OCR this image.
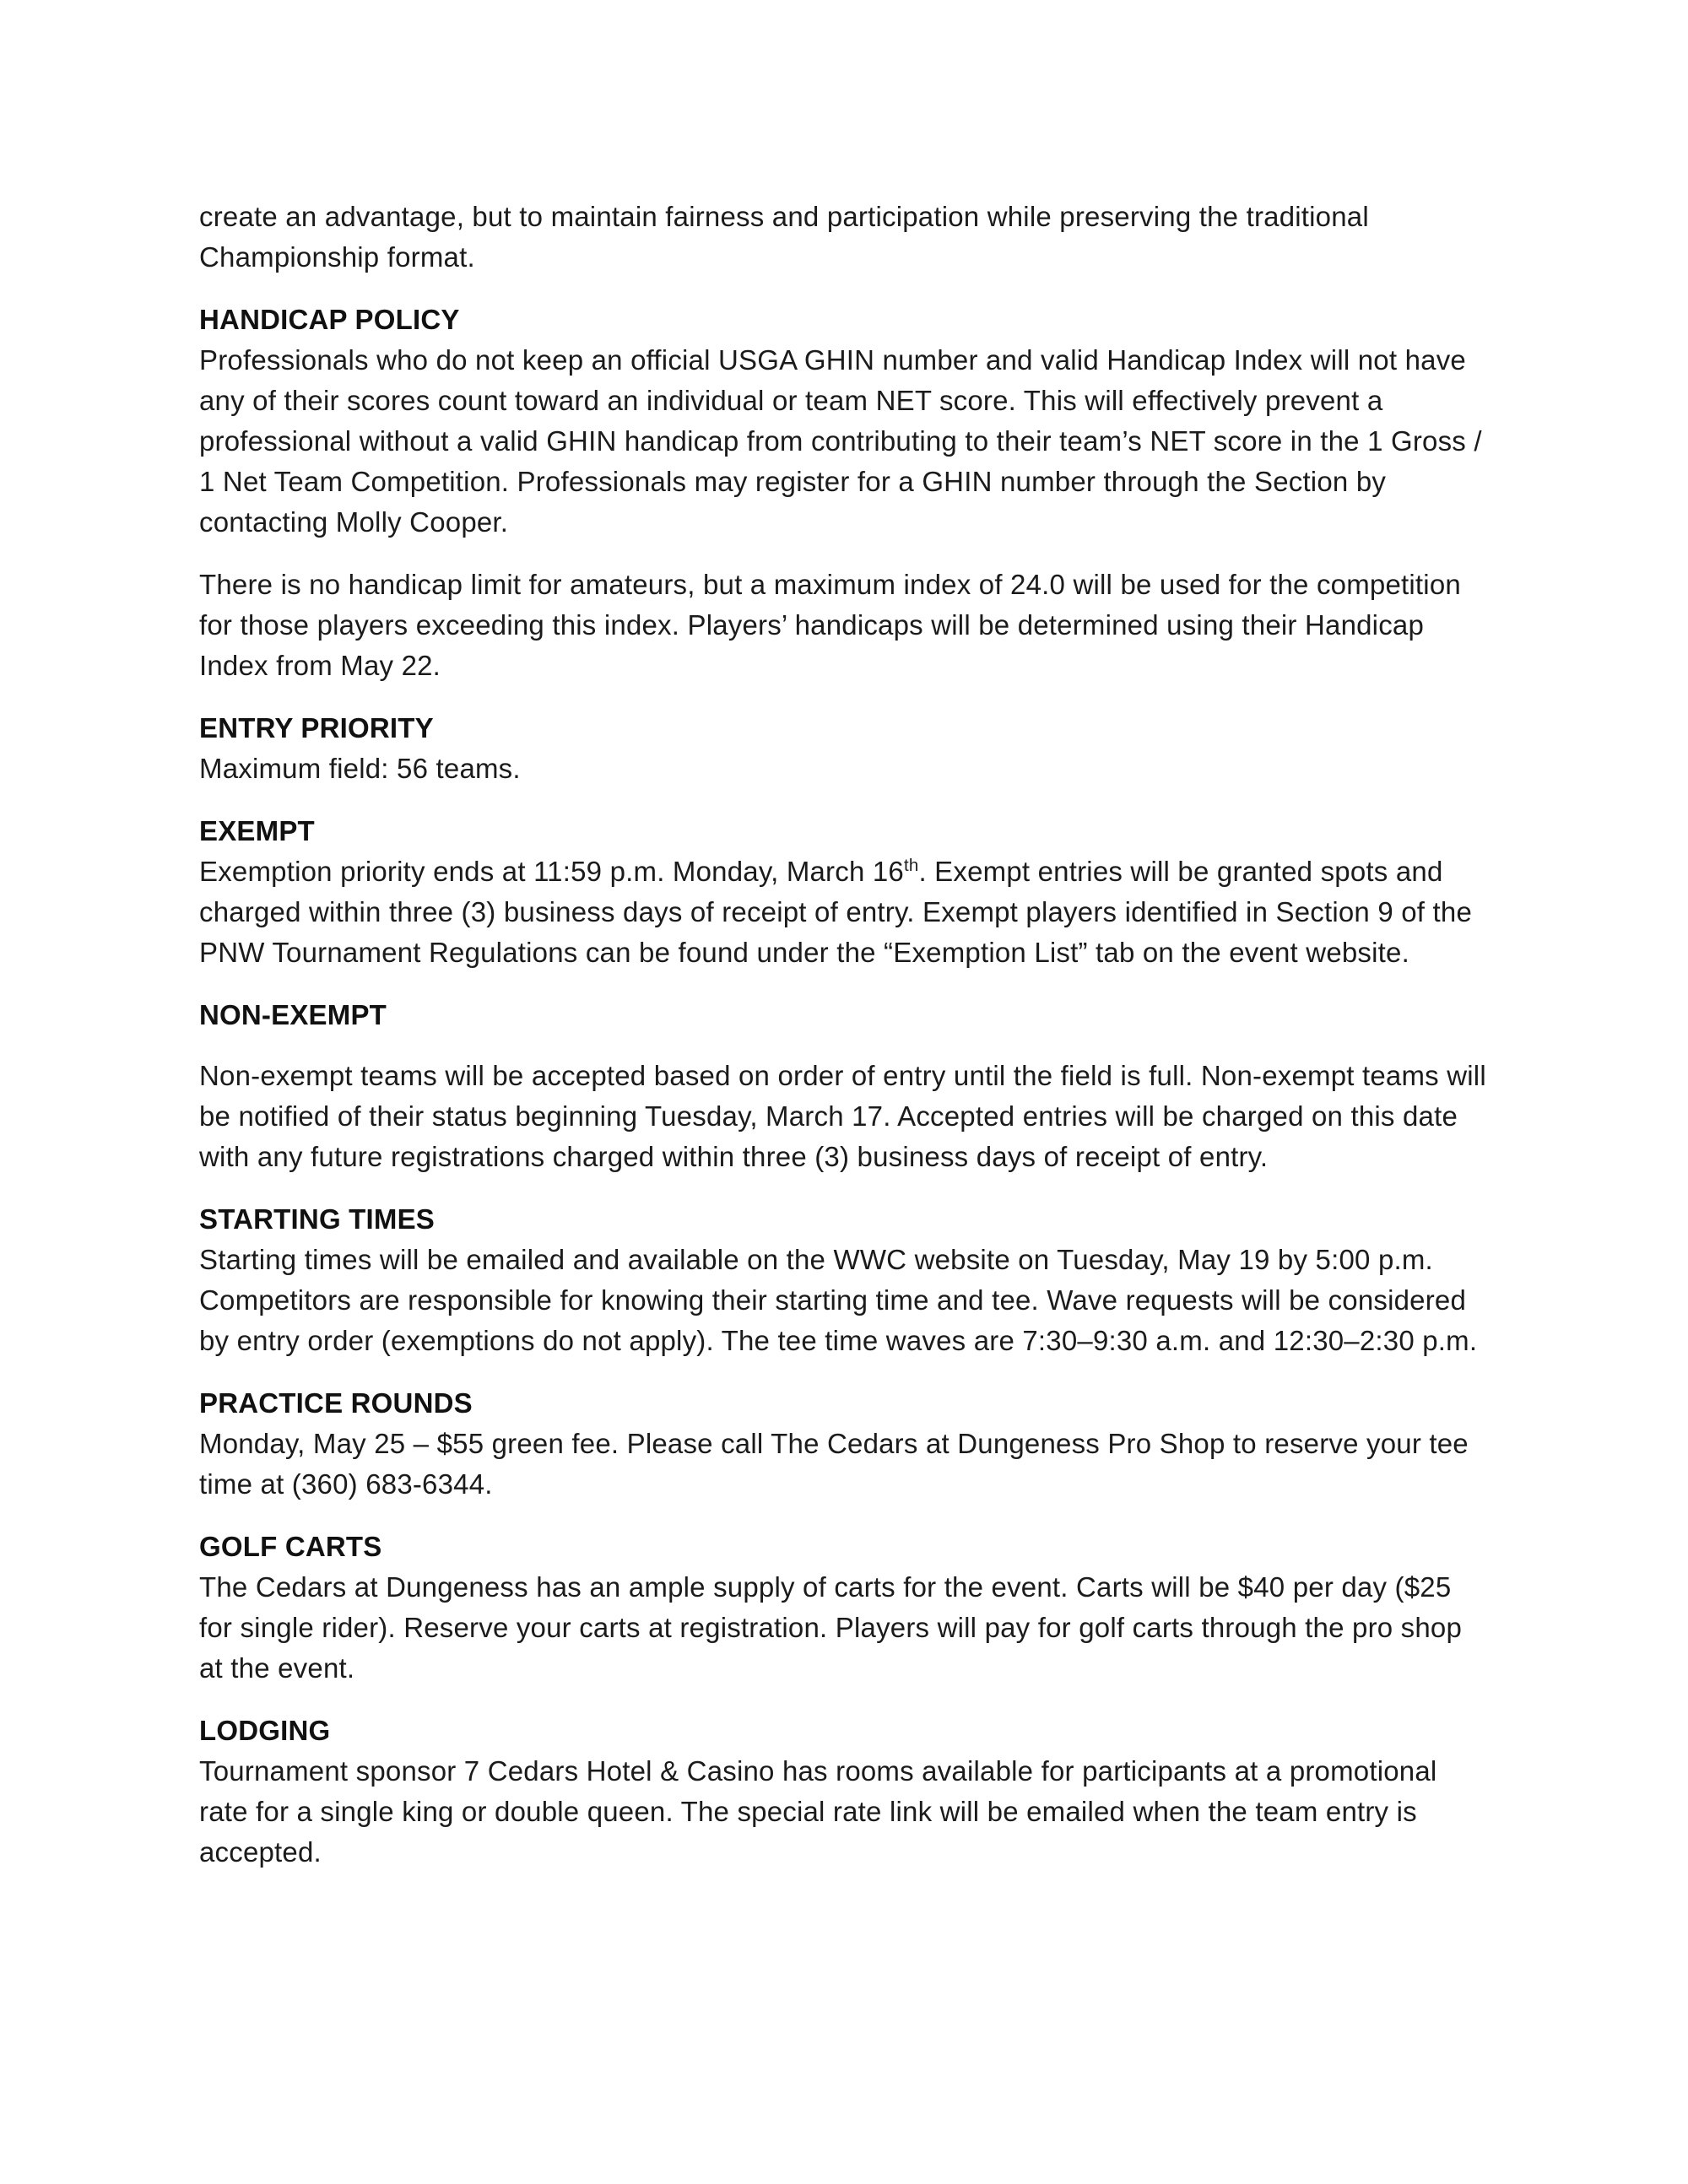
create an advantage, but to maintain fairness and participation while preserving the traditional Championship format.

HANDICAP POLICY

Professionals who do not keep an official USGA GHIN number and valid Handicap Index will not have any of their scores count toward an individual or team NET score. This will effectively prevent a professional without a valid GHIN handicap from contributing to their team’s NET score in the 1 Gross / 1 Net Team Competition. Professionals may register for a GHIN number through the Section by contacting Molly Cooper.

There is no handicap limit for amateurs, but a maximum index of 24.0 will be used for the competition for those players exceeding this index. Players’ handicaps will be determined using their Handicap Index from May 22.

ENTRY PRIORITY

Maximum field: 56 teams.

EXEMPT

Exemption priority ends at 11:59 p.m. Monday, March 16th. Exempt entries will be granted spots and charged within three (3) business days of receipt of entry. Exempt players identified in Section 9 of the PNW Tournament Regulations can be found under the “Exemption List” tab on the event website.

NON-EXEMPT

Non-exempt teams will be accepted based on order of entry until the field is full. Non-exempt teams will be notified of their status beginning Tuesday, March 17. Accepted entries will be charged on this date with any future registrations charged within three (3) business days of receipt of entry.

STARTING TIMES

Starting times will be emailed and available on the WWC website on Tuesday, May 19 by 5:00 p.m. Competitors are responsible for knowing their starting time and tee. Wave requests will be considered by entry order (exemptions do not apply). The tee time waves are 7:30–9:30 a.m. and 12:30–2:30 p.m.

PRACTICE ROUNDS

Monday, May 25 – $55 green fee. Please call The Cedars at Dungeness Pro Shop to reserve your tee time at (360) 683-6344.

GOLF CARTS

The Cedars at Dungeness has an ample supply of carts for the event. Carts will be $40 per day ($25 for single rider). Reserve your carts at registration. Players will pay for golf carts through the pro shop at the event.

LODGING

Tournament sponsor 7 Cedars Hotel & Casino has rooms available for participants at a promotional rate for a single king or double queen. The special rate link will be emailed when the team entry is accepted.
